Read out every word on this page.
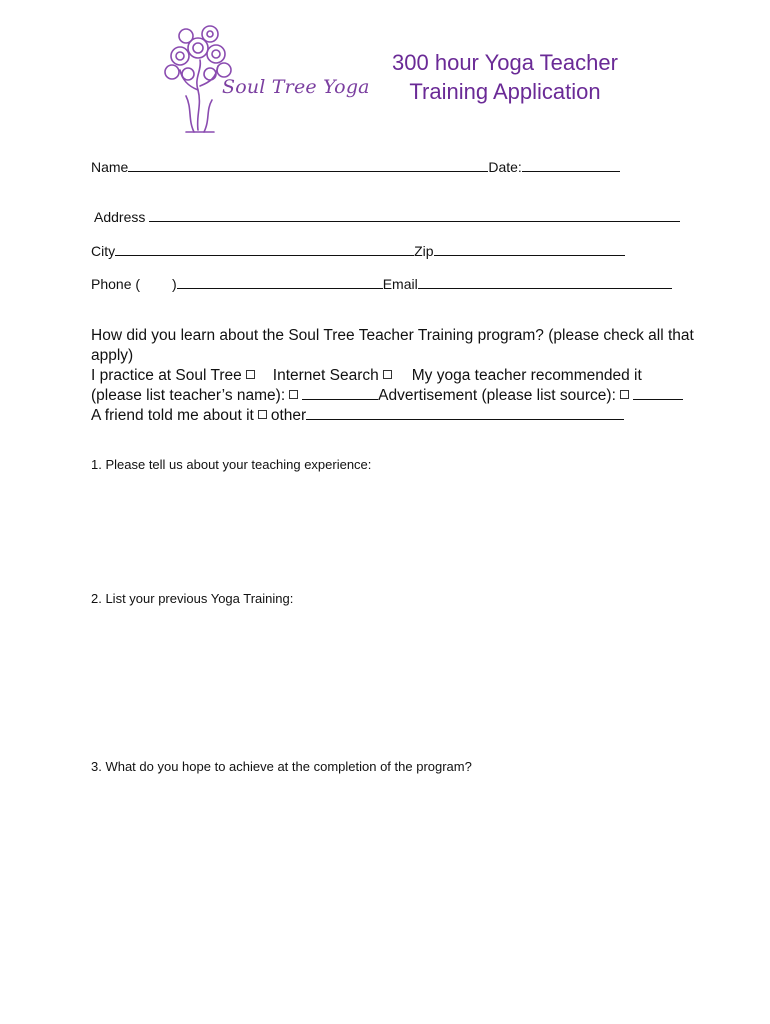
Soul Tree Yoga
300 hour Yoga Teacher
Training Application
Name	Date:
Address
City	Zip
Phone ( )	Email
How did you learn about the Soul Tree Teacher Training program? (please check all that
apply)
I practice at Soul Tree Internet Search My yoga teacher recommended it
(please list teacher’s name):	Advertisement (please list source):
A friend told me about it other
1. Please tell us about your teaching experience:
2. List your previous Yoga Training:
3. What do you hope to achieve at the completion of the program?
